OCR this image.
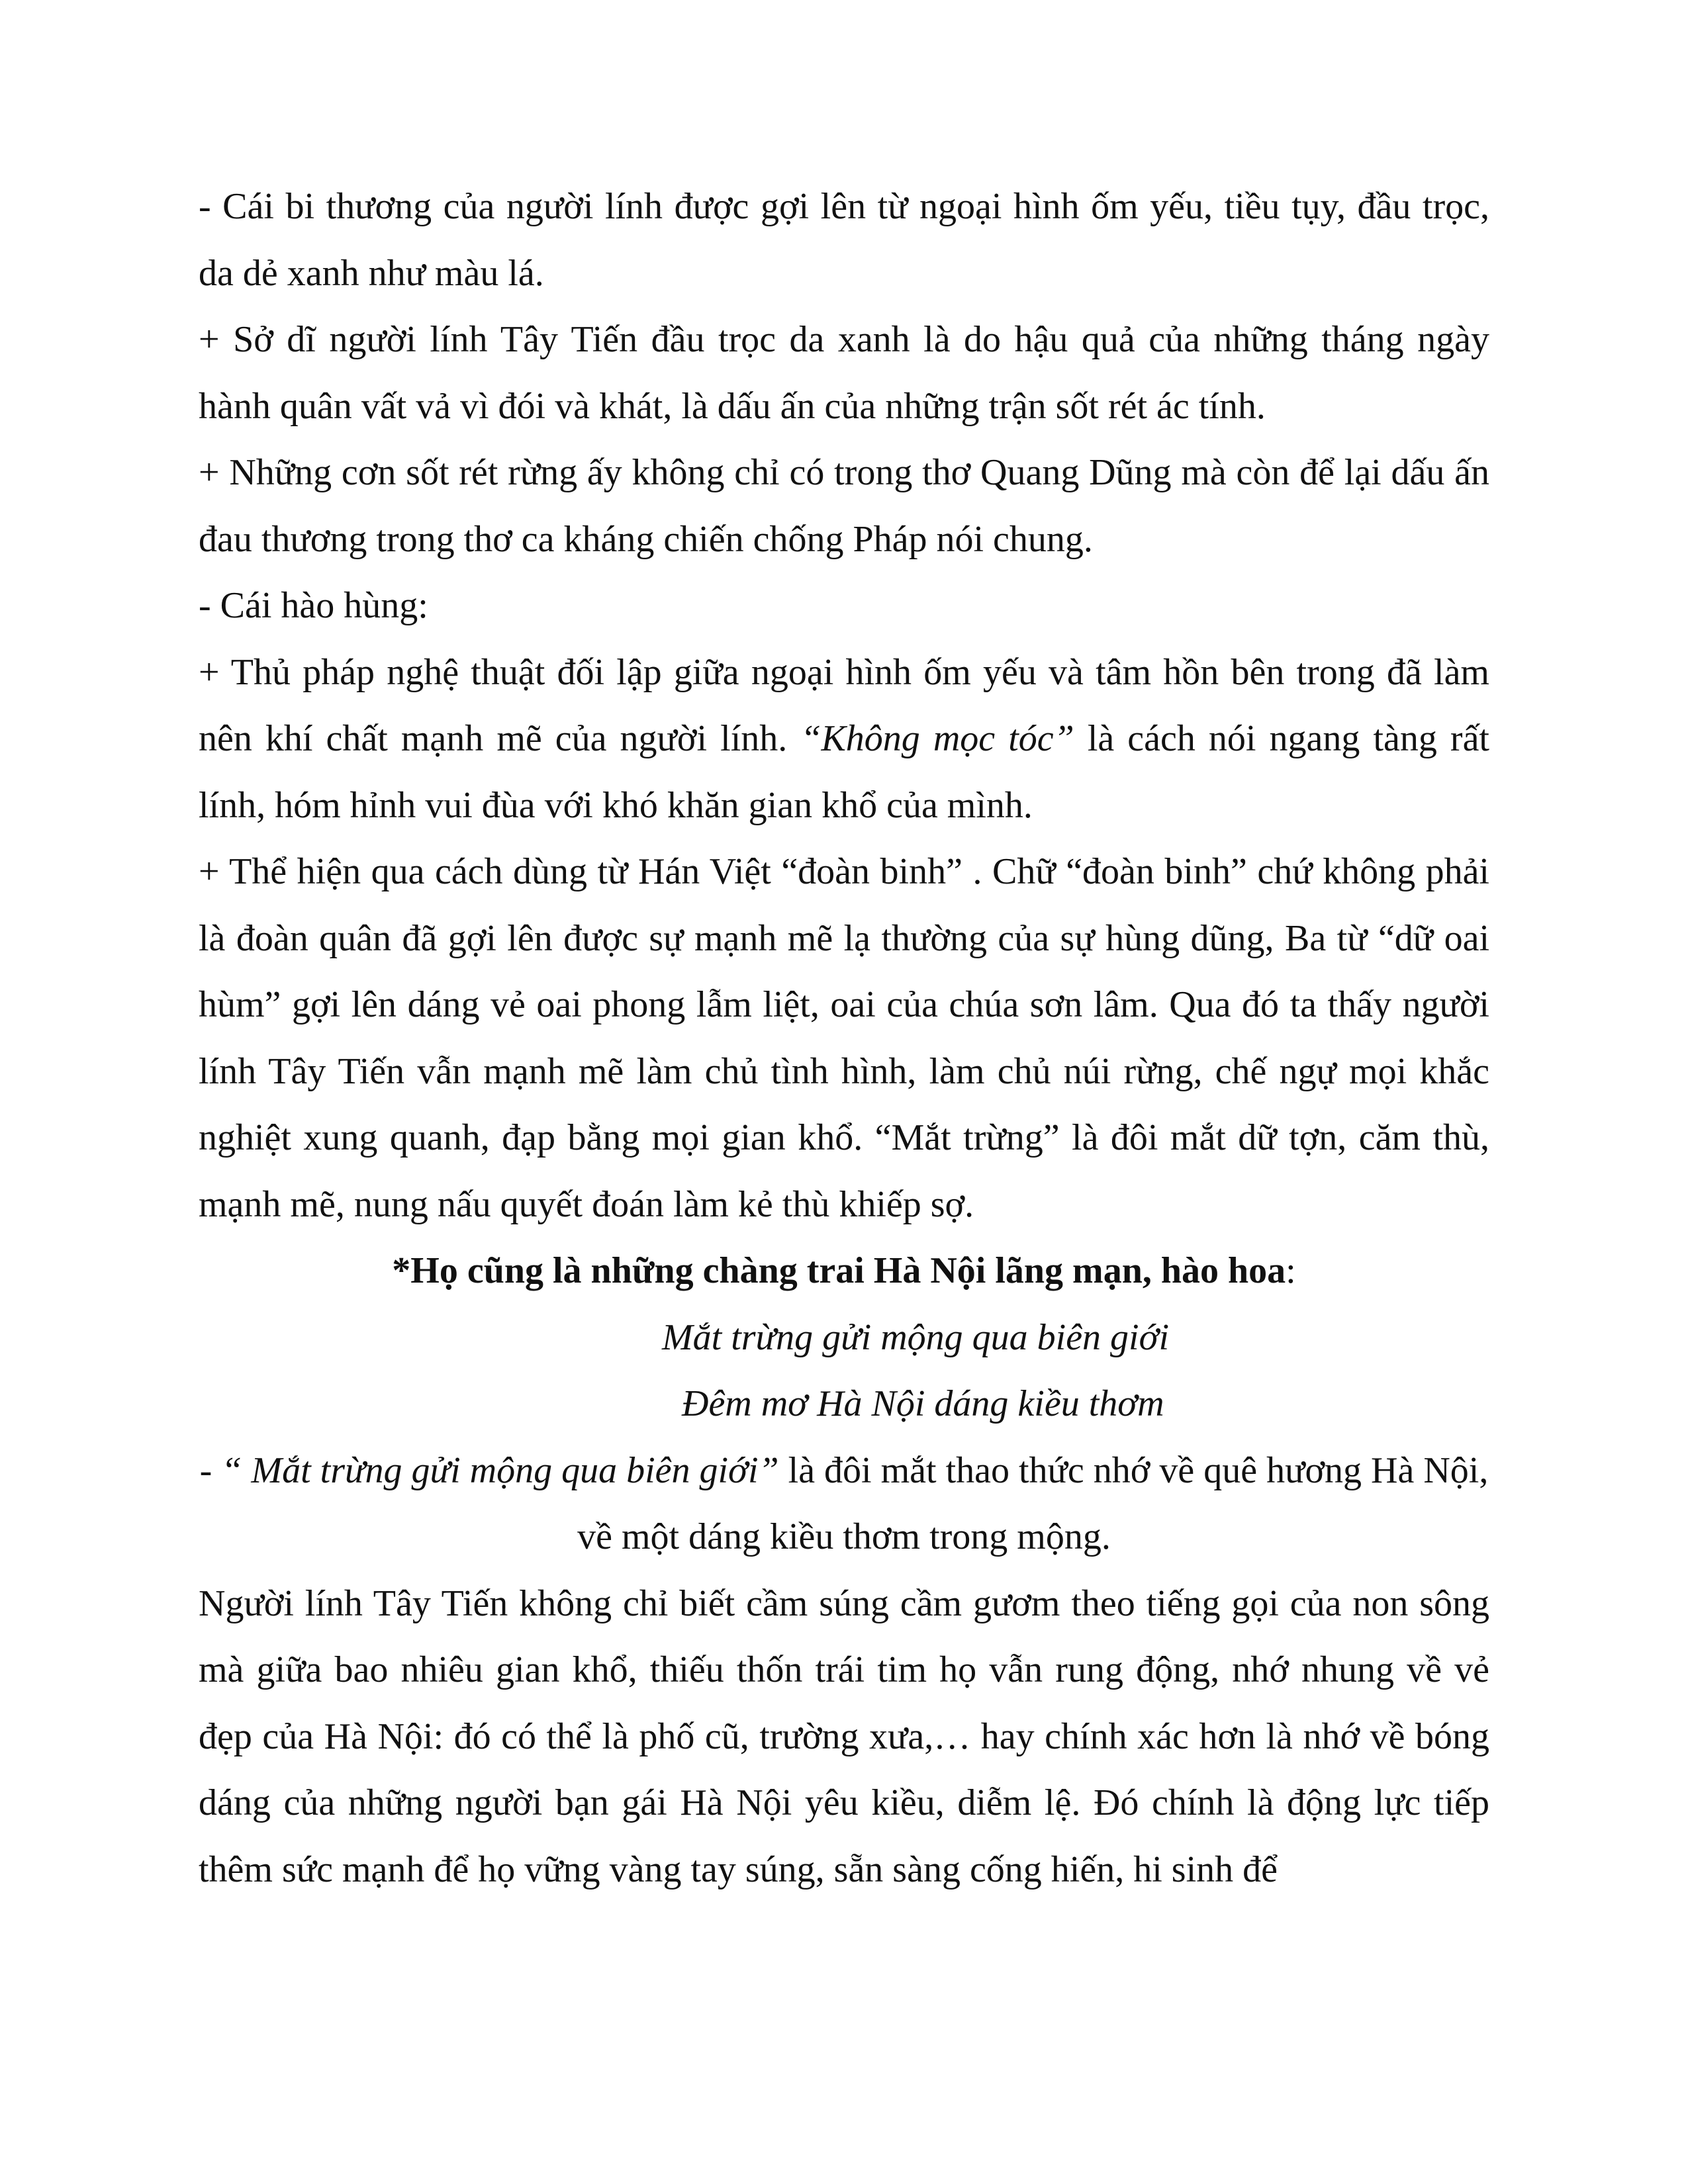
- Cái bi thương của người lính được gợi lên từ ngoại hình ốm yếu, tiều tụy, đầu trọc, da dẻ xanh như màu lá.

+ Sở dĩ người lính Tây Tiến đầu trọc da xanh là do hậu quả của những tháng ngày hành quân vất vả vì đói và khát, là dấu ấn của những trận sốt rét ác tính.

+ Những cơn sốt rét rừng ấy không chỉ có trong thơ Quang Dũng mà còn để lại dấu ấn đau thương trong thơ ca kháng chiến chống Pháp nói chung.

- Cái hào hùng:

+ Thủ pháp nghệ thuật đối lập giữa ngoại hình ốm yếu và tâm hồn bên trong đã làm nên khí chất mạnh mẽ của người lính. “Không mọc tóc” là cách nói ngang tàng rất lính, hóm hỉnh vui đùa với khó khăn gian khổ của mình.

+ Thể hiện qua cách dùng từ Hán Việt “đoàn binh” . Chữ “đoàn binh” chứ không phải là đoàn quân đã gợi lên được sự mạnh mẽ lạ thường của sự hùng dũng, Ba từ “dữ oai hùm” gợi lên dáng vẻ oai phong lẫm liệt, oai của chúa sơn lâm. Qua đó ta thấy người lính Tây Tiến vẫn mạnh mẽ làm chủ tình hình, làm chủ núi rừng, chế ngự mọi khắc nghiệt xung quanh, đạp bằng mọi gian khổ. “Mắt trừng” là đôi mắt dữ tợn, căm thù, mạnh mẽ, nung nấu quyết đoán làm kẻ thù khiếp sợ.

*Họ cũng là những chàng trai Hà Nội lãng mạn, hào hoa:

Mắt trừng gửi mộng qua biên giới

Đêm mơ Hà Nội dáng kiều thơm

- “ Mắt trừng gửi mộng qua biên giới” là đôi mắt thao thức nhớ về quê hương Hà Nội, về một dáng kiều thơm trong mộng.

Người lính Tây Tiến không chỉ biết cầm súng cầm gươm theo tiếng gọi của non sông mà giữa bao nhiêu gian khổ, thiếu thốn trái tim họ vẫn rung động, nhớ nhung về vẻ đẹp của Hà Nội: đó có thể là phố cũ, trường xưa,… hay chính xác hơn là nhớ về bóng dáng của những người bạn gái Hà Nội yêu kiều, diễm lệ. Đó chính là động lực tiếp thêm sức mạnh để họ vững vàng tay súng, sẵn sàng cống hiến, hi sinh để
